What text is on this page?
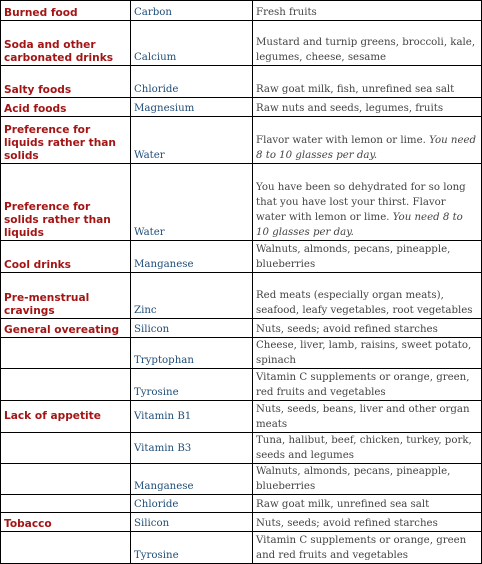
Burned food	Carbon	Fresh fruits
Soda and other carbonated drinks	Calcium	Mustard and turnip greens, broccoli, kale, legumes, cheese, sesame
Salty foods	Chloride	Raw goat milk, fish, unrefined sea salt
Acid foods	Magnesium	Raw nuts and seeds, legumes, fruits
Preference for liquids rather than solids	Water	Flavor water with lemon or lime. You need 8 to 10 glasses per day.
Preference for solids rather than liquids	Water	You have been so dehydrated for so long that you have lost your thirst. Flavor water with lemon or lime. You need 8 to 10 glasses per day.
Cool drinks	Manganese	Walnuts, almonds, pecans, pineapple, blueberries
Pre-menstrual cravings	Zinc	Red meats (especially organ meats), seafood, leafy vegetables, root vegetables
General overeating	Silicon	Nuts, seeds; avoid refined starches
	Tryptophan	Cheese, liver, lamb, raisins, sweet potato, spinach
	Tyrosine	Vitamin C supplements or orange, green, red fruits and vegetables
Lack of appetite	Vitamin B1	Nuts, seeds, beans, liver and other organ meats
	Vitamin B3	Tuna, halibut, beef, chicken, turkey, pork, seeds and legumes
	Manganese	Walnuts, almonds, pecans, pineapple, blueberries
	Chloride	Raw goat milk, unrefined sea salt
Tobacco	Silicon	Nuts, seeds; avoid refined starches
	Tyrosine	Vitamin C supplements or orange, green and red fruits and vegetables
